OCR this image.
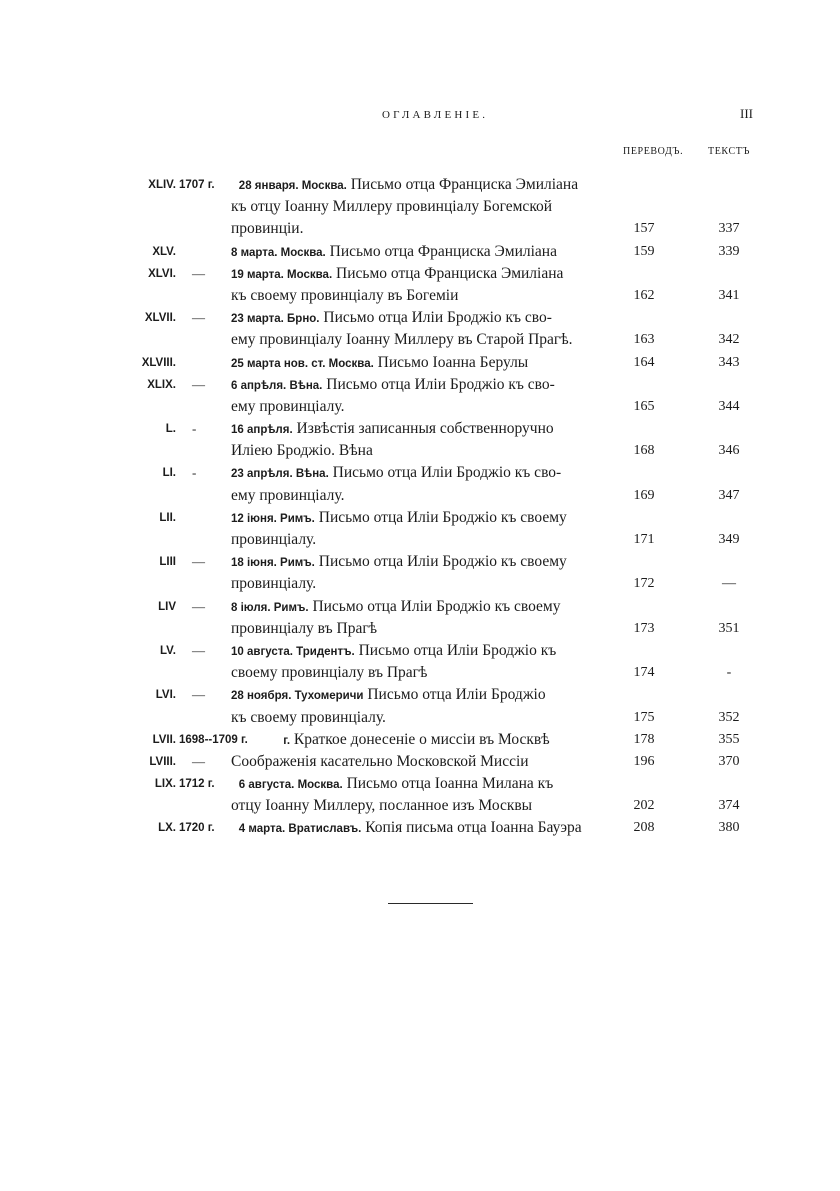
ОГЛАВЛЕНІЕ.	III
ПЕРЕВОДЪ. ТЕКСТЪ
XLIV. 1707 г. 28 января. Москва. Письмо отца Франциска Эмиліана
къ отцу Іоанну Миллеру провинціалу Богемской
провинціи.	157	337
XLV.	8 марта. Москва. Письмо отца Франциска Эмиліана	159	339
XLVI. — 19 марта. Москва. Письмо отца Франциска Эмиліана
къ своему провинціалу въ Богеміи	162	341
XLVII. — 23 марта. Брно. Письмо отца Иліи Броджіо къ сво-
ему провинціалу Іоанну Миллеру въ Старой Прагѣ.	163	342
XLVIII.	25 марта нов. ст. Москва. Письмо Іоанна Берулы	164	343
XLIX. — 6 апрѣля. Вѣна. Письмо отца Иліи Броджіо къ сво-
ему провинціалу.	165	344
L. -	16 апрѣля. Извѣстія записанныя собственноручно
Иліею Броджіо. Вѣна	168	346
LI. -	23 апрѣля. Вѣна. Письмо отца Иліи Броджіо къ сво-
ему провинціалу.	169	347
LII.	12 іюня. Римъ. Письмо отца Иліи Броджіо къ своему
провинціалу.	171	349
LIII — 18 іюня. Римъ. Письмо отца Иліи Броджіо къ своему
провинціалу.	172	—
LIV — 8 іюля. Римъ. Письмо отца Иліи Броджіо къ своему
провинціалу въ Прагѣ	173	351
LV. — 10 августа. Тридентъ. Письмо отца Иліи Броджіо къ
своему провинціалу въ Прагѣ	174	-
LVI. — 28 ноября. Тухомеричи Письмо отца Иліи Броджіо
къ своему провинціалу.	175	352
LVII. 1698--1709 г.	г. Краткое донесеніе о миссіи въ Москвѣ	178	355
LVIII. — Соображенія касательно Московской Миссіи	196	370
LIX. 1712 г. 6 августа. Москва. Письмо отца Іоанна Милана къ
отцу Іоанну Миллеру, посланное изъ Москвы	202	374
LX. 1720 г. 4 марта. Вратиславъ. Копія письма отца Іоанна Бауэра	208	380
